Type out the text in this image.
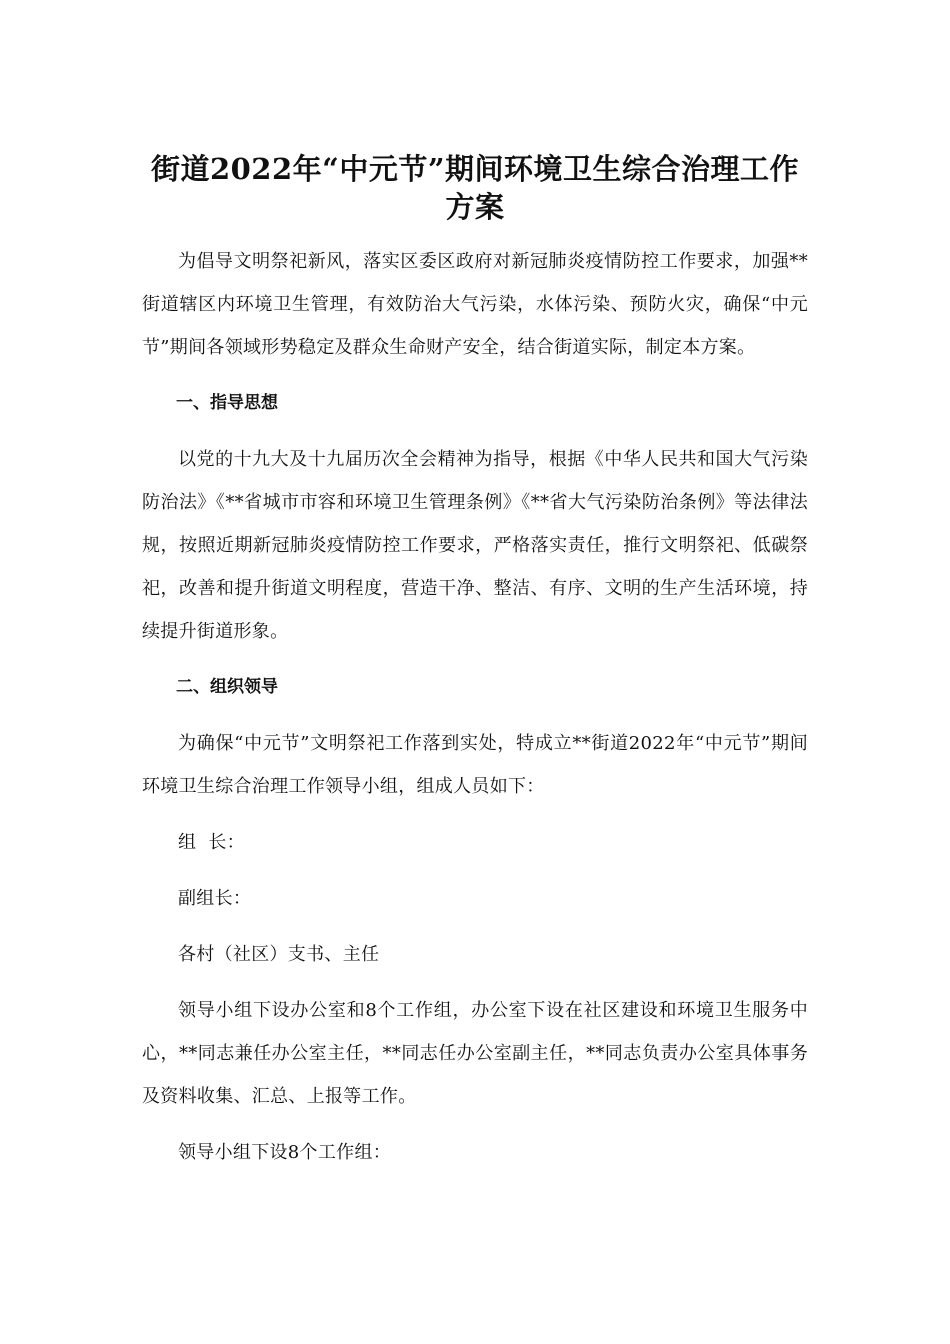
街道2022年“中元节”期间环境卫生综合治理工作
方案

为倡导文明祭祀新风，落实区委区政府对新冠肺炎疫情防控工作要求，加强**街道辖区内环境卫生管理，有效防治大气污染，水体污染、预防火灾，确保“中元节”期间各领域形势稳定及群众生命财产安全，结合街道实际，制定本方案。

一、指导思想

以党的十九大及十九届历次全会精神为指导，根据《中华人民共和国大气污染防治法》《**省城市市容和环境卫生管理条例》《**省大气污染防治条例》等法律法规，按照近期新冠肺炎疫情防控工作要求，严格落实责任，推行文明祭祀、低碳祭祀，改善和提升街道文明程度，营造干净、整洁、有序、文明的生产生活环境，持续提升街道形象。

二、组织领导

为确保“中元节”文明祭祀工作落到实处，特成立**街道2022年“中元节”期间环境卫生综合治理工作领导小组，组成人员如下：

组  长：

副组长：

各村（社区）支书、主任

领导小组下设办公室和8个工作组，办公室下设在社区建设和环境卫生服务中心，**同志兼任办公室主任，**同志任办公室副主任，**同志负责办公室具体事务及资料收集、汇总、上报等工作。

领导小组下设8个工作组：
